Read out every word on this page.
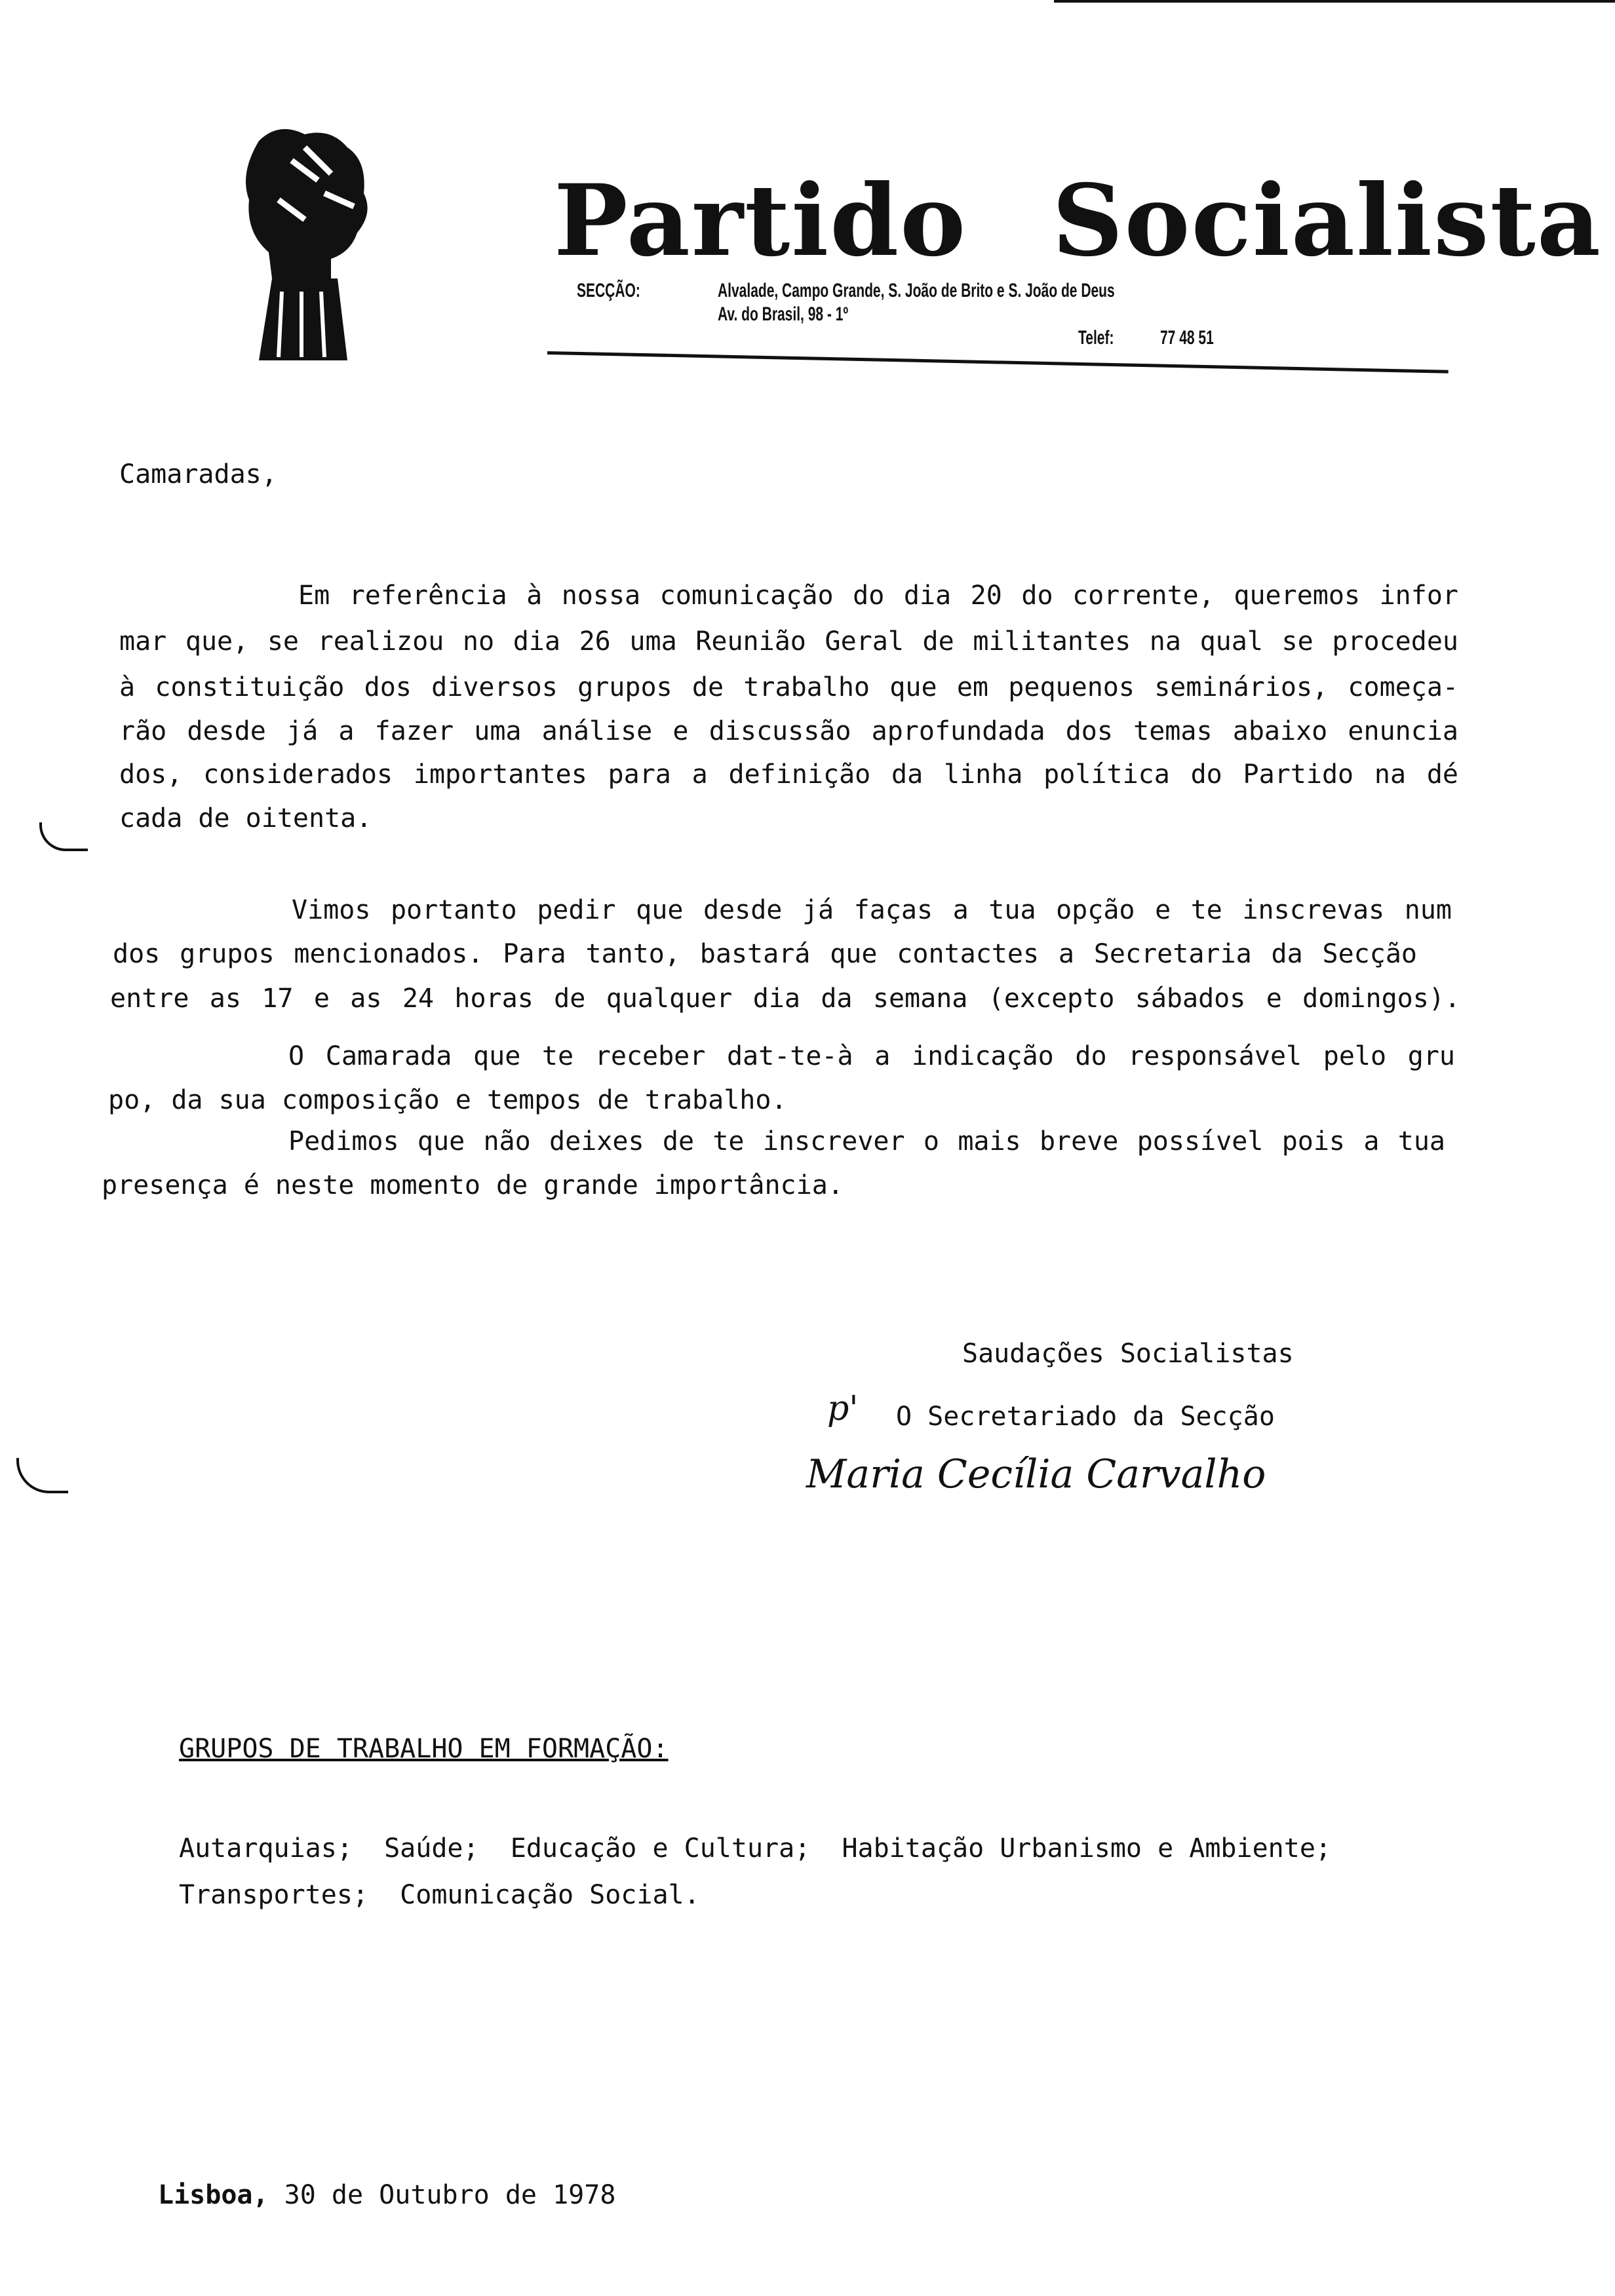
Partido Socialista
SECÇÃO:	Alvalade, Campo Grande, S. João de Brito e S. João de Deus
Av. do Brasil, 98 - 1º
Telef: 77 48 51
Camaradas,
Em referência à nossa comunicação do dia 20 do corrente, queremos infor
mar que, se realizou no dia 26 uma Reunião Geral de militantes na qual se procedeu
à constituição dos diversos grupos de trabalho que em pequenos seminários, começa-
rão desde já a fazer uma análise e discussão aprofundada dos temas abaixo enuncia
dos, considerados importantes para a definição da linha política do Partido na dé
cada de oitenta.
Vimos portanto pedir que desde já faças a tua opção e te inscrevas num
dos grupos mencionados. Para tanto, bastará que contactes a Secretaria da Secção
entre as 17 e as 24 horas de qualquer dia da semana (excepto sábados e domingos).
O Camarada que te receber dat-te-à a indicação do responsável pelo gru
po, da sua composição e tempos de trabalho.
Pedimos que não deixes de te inscrever o mais breve possível pois a tua
presença é neste momento de grande importância.
Saudações Socialistas
p' O Secretariado da Secção
Maria Cecília Carvalho
GRUPOS DE TRABALHO EM FORMAÇÃO:
Autarquias;  Saúde;  Educação e Cultura;  Habitação Urbanismo e Ambiente;
Transportes;  Comunicação Social.
Lisboa, 30 de Outubro de 1978
